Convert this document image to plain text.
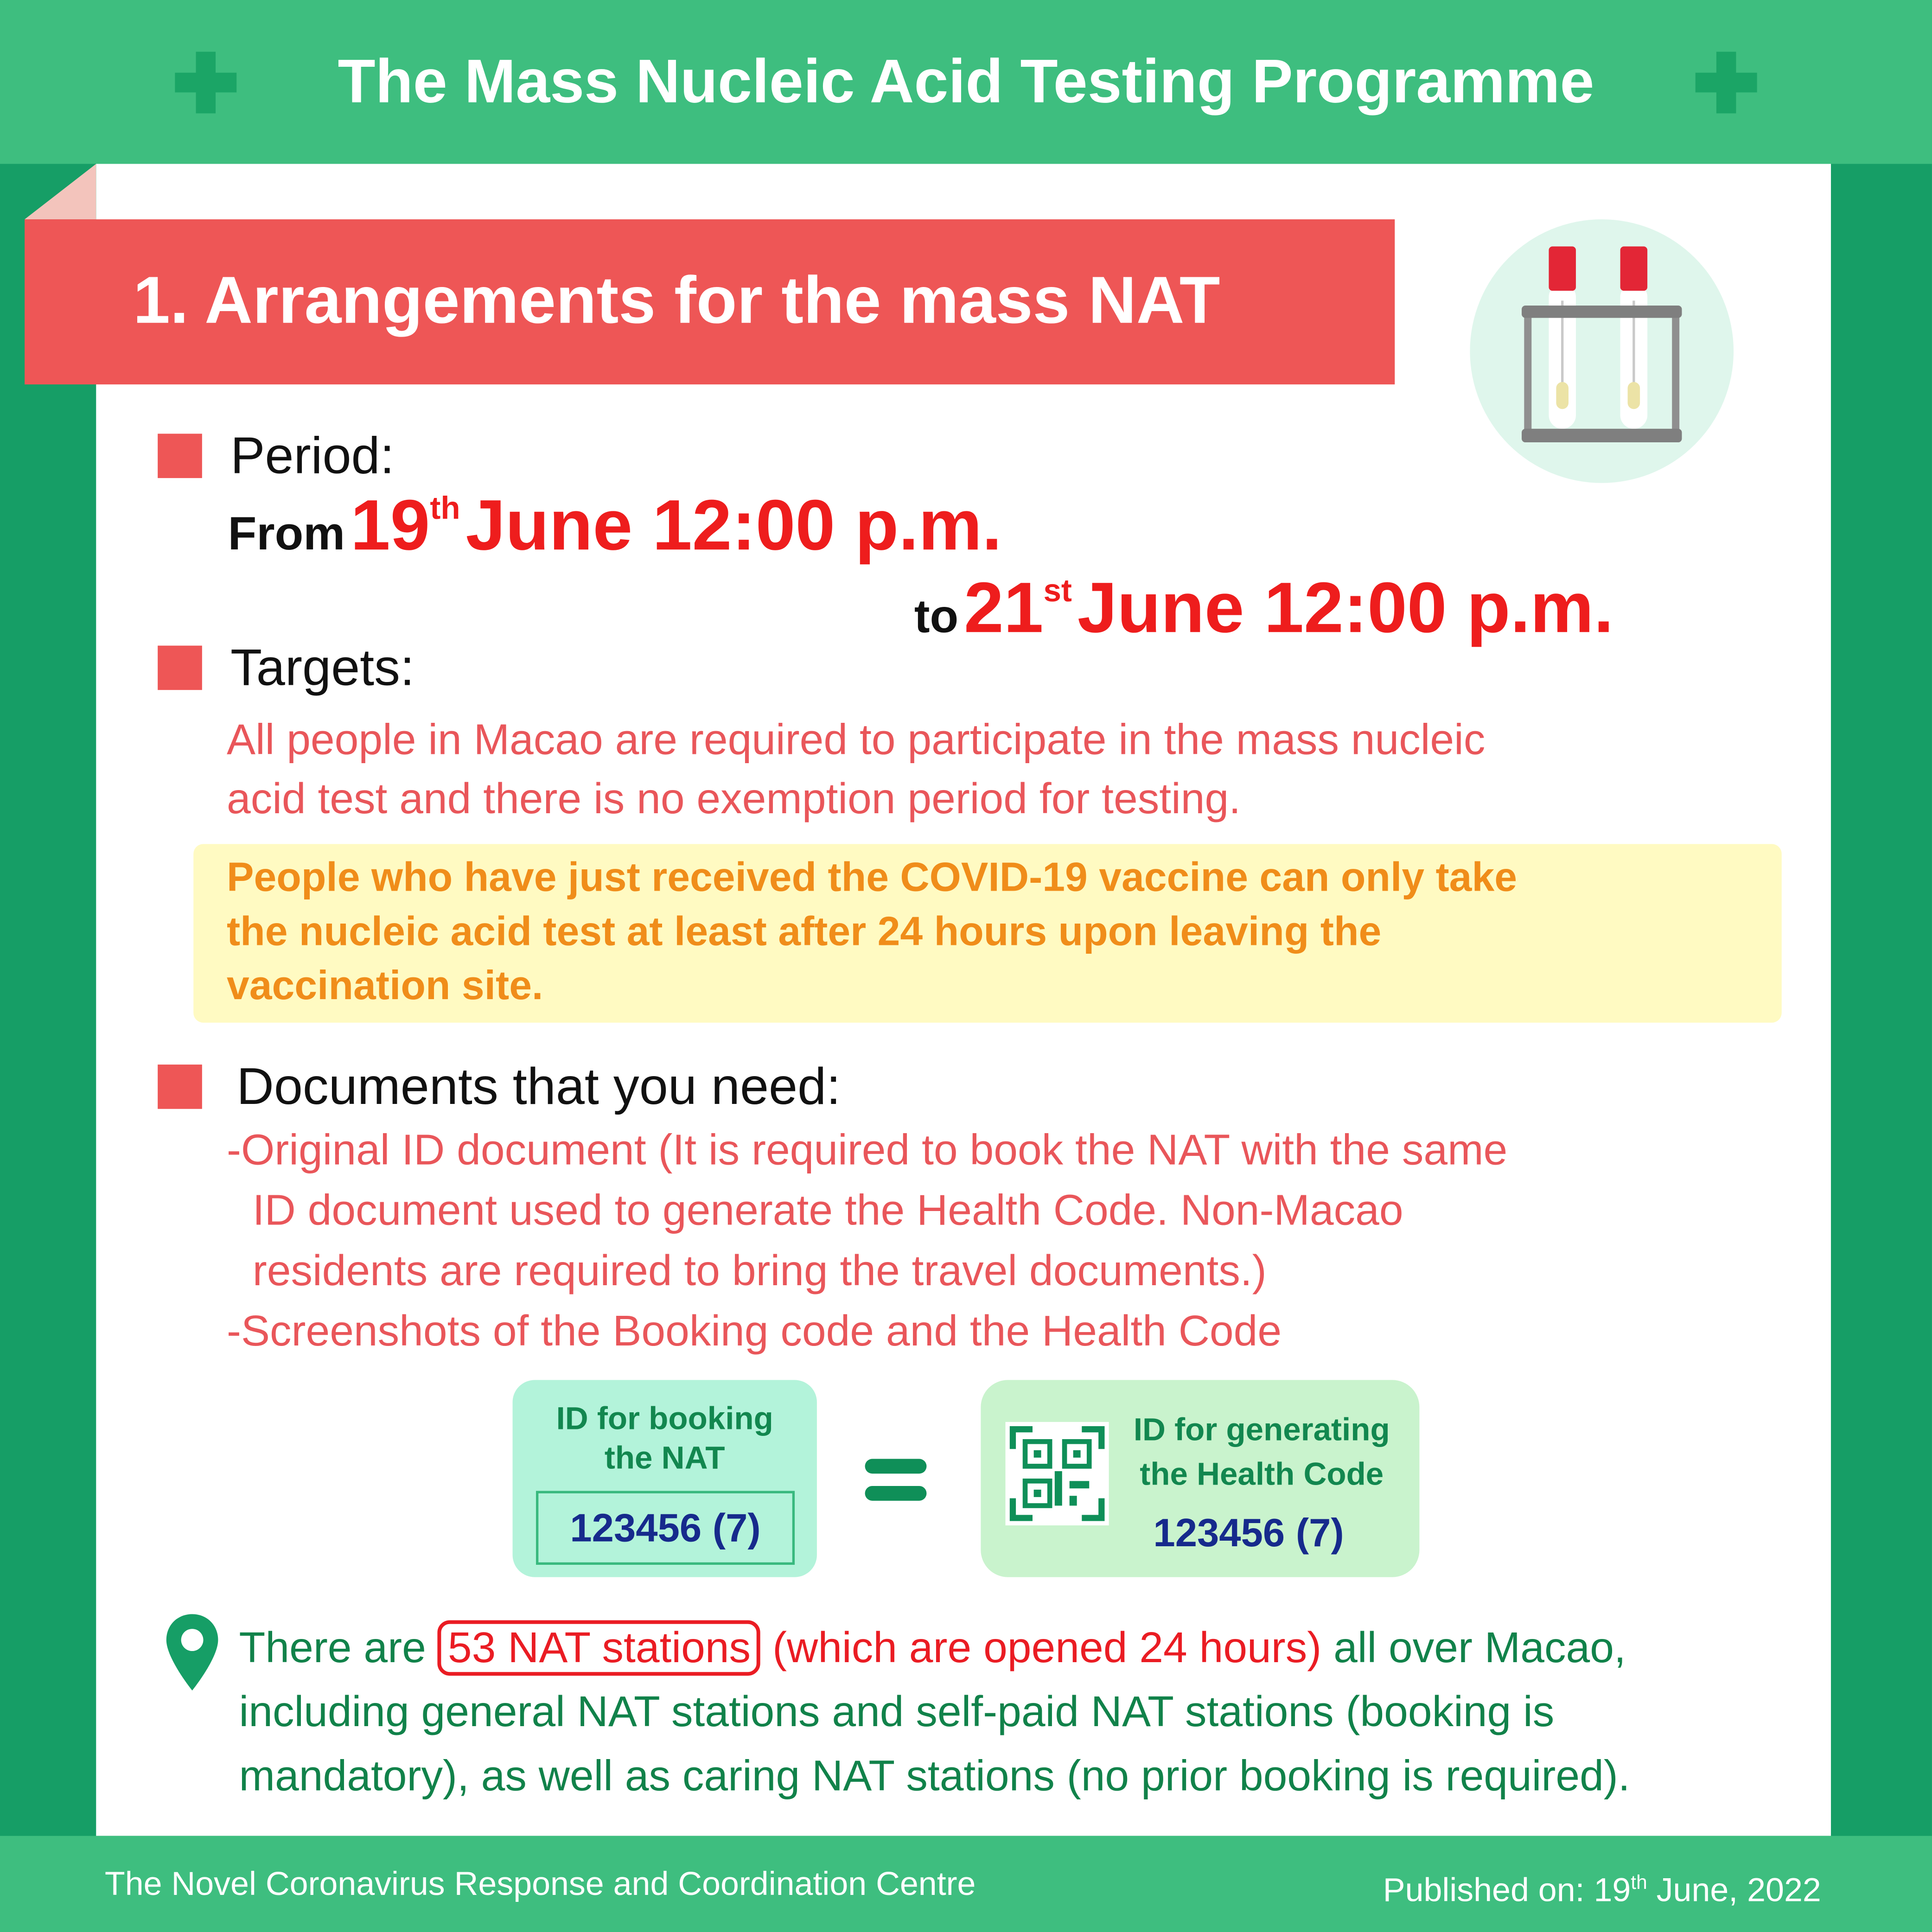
The Mass Nucleic Acid Testing Programme
1. Arrangements for the mass NAT
Period:
From 19th June 12:00 p.m.
to 21st June 12:00 p.m.
Targets:
All people in Macao are required to participate in the mass nucleic
acid test and there is no exemption period for testing.
People who have just received the COVID-19 vaccine can only take
the nucleic acid test at least after 24 hours upon leaving the
vaccination site.
Documents that you need:
-Original ID document (It is required to book the NAT with the same
ID document used to generate the Health Code. Non-Macao
residents are required to bring the travel documents.)
-Screenshots of the Booking code and the Health Code
ID for booking
the NAT
123456 (7)
ID for generating
the Health Code
123456 (7)
There are 53 NAT stations (which are opened 24 hours) all over Macao,
including general NAT stations and self-paid NAT stations (booking is
mandatory), as well as caring NAT stations (no prior booking is required).
The Novel Coronavirus Response and Coordination Centre	Published on: 19th June, 2022
